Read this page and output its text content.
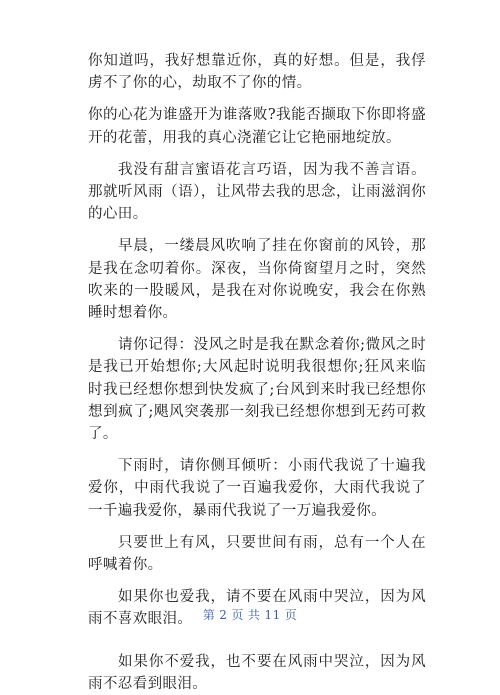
你知道吗，我好想靠近你，真的好想。但是，我俘虏不了你的心，劫取不了你的情。

你的心花为谁盛开为谁落败?我能否撷取下你即将盛开的花蕾，用我的真心浇灌它让它艳丽地绽放。

我没有甜言蜜语花言巧语，因为我不善言语。那就听风雨（语），让风带去我的思念，让雨滋润你的心田。

早晨，一缕晨风吹响了挂在你窗前的风铃，那是我在念叨着你。深夜，当你倚窗望月之时，突然吹来的一股暖风，是我在对你说晚安，我会在你熟睡时想着你。

请你记得：没风之时是我在默念着你;微风之时是我已开始想你;大风起时说明我很想你;狂风来临时我已经想你想到快发疯了;台风到来时我已经想你想到疯了;飓风突袭那一刻我已经想你想到无药可救了。

下雨时，请你侧耳倾听：小雨代我说了十遍我爱你，中雨代我说了一百遍我爱你，大雨代我说了一千遍我爱你，暴雨代我说了一万遍我爱你。

只要世上有风，只要世间有雨，总有一个人在呼喊着你。

如果你也爱我，请不要在风雨中哭泣，因为风雨不喜欢眼泪。

如果你不爱我，也不要在风雨中哭泣，因为风雨不忍看到眼泪。

第 2 页 共 11 页
